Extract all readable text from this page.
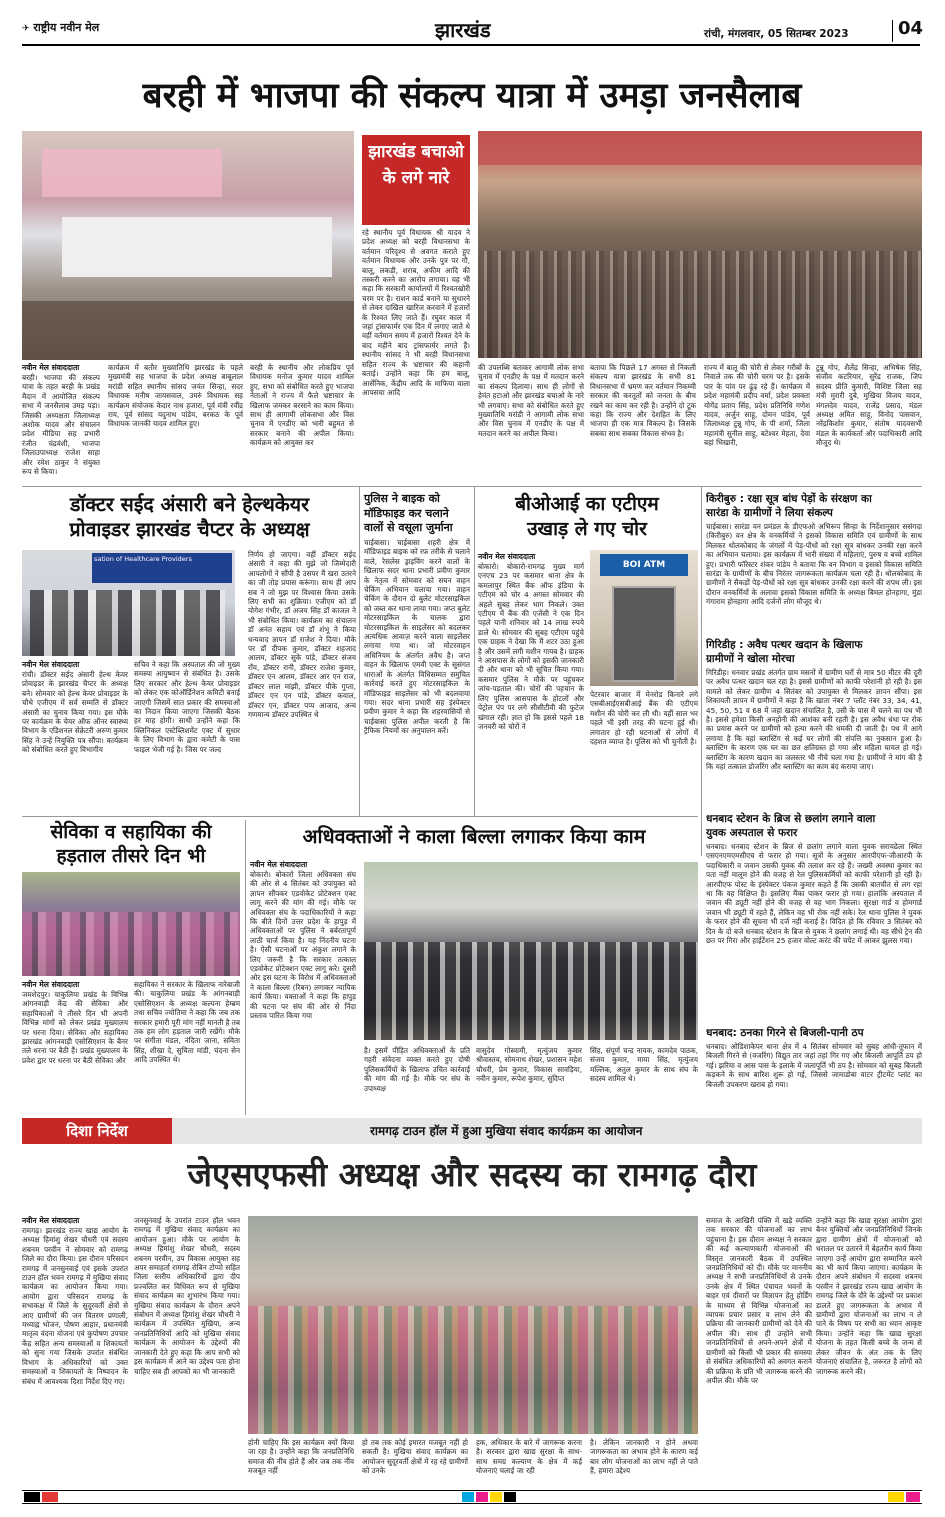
✈ राष्ट्रीय नवीन मेल	झारखंड	रांची, मंगलवार, 05 सितम्बर 2023	04
बरही में भाजपा की संकल्प यात्रा में उमड़ा जनसैलाब
झारखंड बचाओ के लगे नारे
रहे स्थानीय पूर्व विधायक श्री यादव ने प्रदेश अध्यक्ष को बरही विधानसभा के वर्तमान परिदृश्य से अवगत कराते हुए वर्तमान विधायक और उनके पुत्र पर गौ, बालू, लकड़ी, शराब, अफीम आदि की तस्करी करने का आरोप लगाया। यह भी कहा कि सरकारी कार्यालयों में रिश्वतखोरी चरम पर है। राशन कार्ड बनाने या सुधारने से लेकर दाखिल खारिज करवाने में हजारों के रिश्वत लिए जाते हैं। रघुवर काल में जहां ट्रांसफार्मर एक दिन में लगाए जाते थे वहीं वर्तमान समय में हजारों रिश्वत देने के बाद महीने बाद ट्रांसफार्मर लगते हैं। स्थानीय सांसद ने भी बरही विधानसभा सहित राज्य के भ्रष्टाचार की कहानी बताई। उन्होंने कहा कि हम बालू, आर्सेनिक, केंद्रीय आदि के माफिया वाला आपसचा आदि
नवीन मेल संवाददाता
बरही। भाजपा की संकल्प यात्रा के तहत बरही के प्रखंड मैदान में आयोजित संकल्प सभा में जनसैलाब उमड़ पड़ा। जिसकी अध्यक्षता जिलाध्यक्ष अशोक यादव और संचालन प्रदेश मीडिया सह प्रभारी रंजीत चंद्रवंशी, भाजपा जिलाउपाध्यक्ष राजेश साहा और रमेश ठाकुर ने संयुक्त रूप से किया।
कार्यक्रम में बतौर मुख्यातिथि झारखंड के पहले मुख्यमंत्री सह भाजपा के प्रदेश अध्यक्ष बाबूलाल मरांडी सहित स्थानीय सांसद जयंत सिन्हा, सदर विधायक मनीष जायसवाल, उमरुं विधायक सह कार्यक्रम संयोजक केदार नाथ हजारा, पूर्व मंत्री रवींद्र राय, पूर्व सांसद यदुनाथ पांडेय, बरकठ के पूर्व विधायक जानकी यादव शामिल हुए।
बरही के स्थानीय और लोकप्रिय पूर्व विधायक मनोज कुमार यादव शामिल हुए, सभा को संबोधित करते हुए भाजपा नेताओं ने राज्य में फैले भ्रष्टाचार के खिलाफ जमकर बरसाने का काम किया। साथ ही आगामी लोकसभा और विस चुनाव में एनडीए को भारी बहुमत से सरकार बनाने की अपील किया। कार्यक्रम को आयुक्त कर
की उपलब्धि बताकर आगामी लोक सभा चुनाव में एनडीए के पक्ष में मतदान करने का संकल्प दिलाया। साथ ही लोगों से हेमंत हटाओ और झारखंड बचाओ के नारे भी लगवाए। सभा को संबोधित करते हुए मुख्यातिथि मरांडी ने आगामी लोक सभा और विस चुनाव में एनडीए के पक्ष में मतदान करने का अपील किया।
बताया कि पिछले 17 अगस्त से निकली संकल्प यात्रा झारखंड के सभी 81 विधानसभा में भ्रमण कर वर्तमान निकम्मी सरकार की करतूतों को जनता के बीच रखने का काम कर रही है। उन्होंने दो टूक कहा कि राज्य और देशहित के लिए भाजपा ही एक मात्र विकल्प है। जिसके सबका साथ सबका विकास संभव है।
राज्य में बालू की चोरी से लेकर गरीबों के निवाले तक की चोरी चरम पर है। इसके पार के पांव पर ढूंढ़ रहे हैं। कार्यक्रम में प्रदेश महामंत्री प्रदीप वर्मा, प्रदेश प्रवक्ता योगेंद्र प्रताप सिंह, प्रदेश प्रतिनिधि गणेश यादव, अर्जुन साहू, दोमन पांडेय, पूर्व जिलाध्यक्ष टुन्नू गोप, के पी शर्मा, जिला महामंत्री सुनील साहू, बटेश्वर मेहता, देवा बहां भिखारी,
टुन्नू गोप, शैलेंद्र सिन्हा, अभिषेक सिंह, संजीव कटरियार, सुरेंद्र राजक, जिप सदस्य प्रीति कुमारी, विशिष्ट जिला सह मंत्री मुरारी दुबे, मुखिया विजय यादव, मंगलदेव यादव, राजेंद्र प्रसाद, मंडल अध्यक्ष अमित साहू, विनोद पासवान, नरेंद्रकिशोर कुमार, संतोष यादवसभी मंडल के कार्यकर्ता और पदाधिकारी आदि मौजूद थे।
डॉक्टर सईद अंसारी बने हेल्थकेयर
प्रोवाइडर झारखंड चैप्टर के अध्यक्ष
sation of Healthcare Providers
नवीन मेल संवाददाता
रांची। डॉक्टर सईद अंसारी हेल्थ केयर प्रोवाइडर के झारखंड चैप्टर के अध्यक्ष बने। सोमवार को हेल्थ केयर प्रोवाइडर के चौथे एजीएम में सर्व सम्मति से डॉक्टर अंसारी का चुनाव किया गया। इस मौके पर कार्यक्रम के चेयर ऑफ ऑनर स्वास्थ्य विभाग के एडिशनल सेक्रेटरी अरुण कुमार सिंह ने उन्हें नियुक्ति पत्र सौंपा। कार्यक्रम को संबोधित करते हुए विभागीय
सचिव ने कहा कि अस्पताल की जो मुख्य समस्या आयुष्मान से संबंधित है। उसके लिए सरकार और हेल्थ केयर प्रोवाइडर को लेकर एक कोऑर्डिनेशन कमिटी बनाई जाएगी जिसमें सात प्रकार की समस्याओं का निदान किया जाएगा जिसकी बैठक हर माह होगी। साथी उन्होंने कहा कि क्लिनिकल एस्टेब्लिशमेंट एक्ट में सुधार के लिए विभाग के द्वारा कमेटी के पास फाइल भेजी गई है। जिस पर जल्द
निर्णय हो जाएगा। वहीं डॉक्टर सईद अंसारी ने कहा की मुझे जो जिम्मेदारी आपलोगों ने सौंपी है उसपर मैं खरा उतरने का जी तोड़ प्रयास करूंगा। साथ ही आप सब ने जो मुझ पर विश्वास किया उसके लिए सभी का शुक्रिया। एजीएम को डॉ योगेश गंभीर, डॉ अजय सिंह डॉ काजल ने भी संबोधित किया। कार्यक्रम का संचालन डॉ अनंत सहाय एवं डॉ शंभू ने किया धन्यवाद ज्ञापन डॉ राजेश ने दिया। मौके पर डॉ दीपक कुमार, डॉक्टर शहजाद आलम, डॉक्टर सुके पांडे, डॉक्टर संजय राँय, डॉक्टर रानी, डॉक्टर राजेश कुमार, डॉक्टर एन आलम, डॉक्टर आर एन राज, डॉक्टर लाल मांझी, डॉक्टर पीके गुप्ता, डॉक्टर एन एन पांडे, डॉक्टर कयाल, डॉक्टर एन, डॉक्टर पप्प आजाद, अन्य गणमान्य डॉक्टर उपस्थित थे
पुलिस ने बाइक को मॉडिफाइड कर चलाने वालों से वसूला जुर्माना
चाईबासा। चाईबासा शहरी क्षेत्र में मॉडिफाइड बाइक को रफ़ तरीके से चलाने वाले, रेसलेस ड्राइविंग करने वालों के खिलाफ सदर थाना प्रभारी प्रवीण कुमार के नेतृत्व में सोमवार को सघन वाहन चेकिंग अभियान चलाया गया। वाहन चेकिंग के दौरान दो बुलेट मोटरसाइकिल को जब्त कर थाना लाया गया। जप्त बुलेट मोटरसाइकिल के चालक द्वारा मोटरसाइकिल के साइलेंसर को बदलकर अत्यधिक आवाज़ करने वाला साइलेंसर लगाया गया था। जो मोटरवाहन अधिनियम के अंतर्गत अवैध है। जप्त वाहन के खिलाफ एमवी एक्ट के सुसंगत धाराओं के अंतर्गत विधिसम्मत समुचित कार्रवाई करते हुए मोटरसाइकिल के मॉडिफाइड साइलेंसर को भी बदलवाया गया। सदर थाना प्रभारी सह इंस्पेक्टर प्रवीण कुमार ने कहा कि शहरवासियों से चाईबासा पुलिस अपील करती है कि ट्रैफिक नियमों का अनुपालन करें।
बीओआई का एटीएम
उखाड़ ले गए चोर
नवीन मेल संवाददाता
बोकारो। बोकारो-रामगढ़ मुख्य मार्ग एनएच 23 पर कसमार थाना क्षेत्र के कमलापुर स्थित बैंक ऑफ इंडिया के एटीएम को चोर 4 अगस्त सोमवार की अहले सुबह लेकर भाग निकले। उक्त एटीएम में बैंक की एजेंसी ने एक दिन पहले यानी शनिवार को 14 लाख रुपये डाले थे। सोमवार की सुबह एटीएम पहुंचे एक ग्राहक ने देखा कि मैं शटर उठा हुआ है और उसमें लगी मशीन गायब है। ग्राहक ने आसपास के लोगों को इसकी जानकारी दी और थाना को भी सूचित किया गया। कसमार पुलिस ने मौके पर पहुंचकर जांच-पड़ताल की। चोरों की पहचान के लिए पुलिस आसपास के होटलों और पेट्रोल पंप पर लगे सीसीटीवी की फुटेज खंगाल रही। ज्ञात हो कि इससे पहले 18 जनवरी को चोरों ने
BOI ATM
पेटरवार बाजार में मेनरोड किनारे लगे एसबीआईएसबीआई बैंक की एटीएम मशीन की चोरी कर ली थी। वहीं साल भर पहले भी इसी तरह की घटना हुई थी। लगातार हो रही घटनाओं से लोगों में दहशत व्याप्त है। पुलिस को भी चुनौती है।
किरीबुरु : रक्षा सूत्र बांध पेड़ों के संरक्षण का
सारंडा के ग्रामीणों ने लिया संकल्प
चाईबासा। सारंडा वन प्रमंडल के डीएफओ अभिरूप सिन्हा के निर्देशानुसार ससंगदा (किरीबुरु) वन क्षेत्र के वनकर्मियों ने इसको विकास समिति एवं ग्रामीणों के साथ मिलकर थोलकोबाद के जंगलों में पेड़-पौधों को रक्षा सूत्र बांधकर उनकी रक्षा करने का अभियान चलाया। इस कार्यक्रम में भारी संख्या में महिलाएं, पुरुष व बच्चे शामिल हुए। प्रभारी फॉरेस्टर शंकर पांडेय ने बताया कि वन विभाग व इसको विकास समिति सारंडा के ग्रामीणों के बीच निरंतर जागरूकता कार्यक्रम चला रही है। थोलकोबाद के ग्रामीणों ने सैकड़ों पेड़-पौधों को रक्षा सूत्र बांधकर उनकी रक्षा करने की शपथ ली। इस दौरान वनकर्मियों के अलावा इसको विकास समिति के अध्यक्ष बिमल होनहागा, मुंडा गंगाराम होनहागा आदि दर्जनों लोग मौजूद थे।
गिरिडीह : अवैध पत्थर खदान के खिलाफ
ग्रामीणों ने खोला मोरचा
गिरिडीह। धनवार प्रखंड अंतर्गत ग्राम मसनों में ग्रामीण घरों से मात्र 50 मीटर की दूरी पर अवैध पत्थर खदान चल रहा है। इससे ग्रामीणों को काफी परेशानी हो रही है। इस मामले को लेकर ग्रामीण 4 सितंबर को उपायुक्त से मिलकर ज्ञापन सौंपा। इस शिकायती ज्ञापन में ग्रामीणों ने कहा है कि खाता नंबर 7 प्लॉट नंबर 33, 34, 41, 45, 50, 51 व 68 में जहां खदान संचालित है, उसी के पास में चलने का पथ भी है। इससे हमेशा किसी अनहोनी की आशंका बनी रहती है। इस अवैध धंधा पर रोक का प्रयास करने पर ग्रामीणों को हत्या करने की धमकी दी जाती है। पथ में आगे लगाया है कि वहां ब्लास्टिंग से कई घर लोगों की संपत्ति का नुकसान हुआ है। ब्लास्टिंग के कारण एक घर का छत क्षतिग्रस्त हो गया और महिला घायल हो गई। ब्लास्टिंग के कारण खदान का जलस्तर भी नीचे चला गया है। ग्रामीणों ने मांग की है कि यहां तत्काल डोजरिंग और ब्लास्टिंग का काम बंद कराया जाए।
धनबाद स्टेशन के ब्रिज से छलांग लगाने वाला
युवक अस्पताल से फरार
धनबाद। धनबाद स्टेशन के ब्रिज से छलांग लगाने वाला युवक सरायढेला स्थित एसएनएमएमसीएच से फरार हो गया। सूत्रों के अनुसार आरपीएफ-जीआरपी के पदाधिकारी व जवान उसकी युवक की तलाश कर रहे हैं। जख्मी अवस्था कुमार का पता नहीं मालूम होने की वजह से रेल पुलिसकर्मियों को काफी परेशानी हो रही है। आरपीएफ पोस्ट के इंस्पेक्टर पंकज कुमार कहते हैं कि उसकी बातचीत से लग रहा था कि वह विक्षिप्त है। इसलिए मैंका पाकर फरार हो गया। हालांकि अस्पताल में जवान की ड्यूटी नहीं होने की वजह से वह भाग निकला। सुरक्षा गार्ड व होमगार्ड जवान भी ड्यूटी में रहते हैं, लेकिन वह भी रोक नहीं सके। रेल थाना पुलिस ने युवक के फरार होने की सूचना भी दर्ज नहीं कराई है। विदित हो कि रविवार 3 सितंबर को दिन के दो बजे धनबाद स्टेशन के ब्रिज से युवक ने छलांग लगाई थी। वह सीधे ट्रेन की छत पर गिरा और हाईटेंशन 25 हजार वोल्ट करंट की चपेट में आकर झुलस गया।
धनबाद: ठनका गिरने से बिजली-पानी ठप
धनबाद। ओडिशाकेपर थाना क्षेत्र में 4 सितंबर सोमवार को सुबह आंधी-तूफान में बिजली गिरने से (वजरिंग) विद्युत तार जहां तहां गिर गए और बिजली आपूर्ति ठप हो गई। झरिया व आस पास के इलाके में जलापूर्ति भी ठप है। सोमवार को सुबह बिजली कड़कने के साथ बारिश शुरू हो गई, जिससे जामाडोबा वाटर ट्रीटमेंट प्लांट का बिजली उपकरण खराब हो गया।
सेविका व सहायिका की
हड़ताल तीसरे दिन भी
नवीन मेल संवाददाता
जमशेदपुर। चाकुलिया प्रखंड के विभिन्न आंगनवाड़ी केंद्र की सेविका और सहायिकाओं ने तीसरे दिन भी अपनी विभिन्न मांगों को लेकर प्रखंड मुख्यालय पर धरना दिया। सेविका और सहायिका झारखंड आंगनवाड़ी एसोसिएशन के बैनर तले धरना पर बैठी हैं। प्रखंड मुख्यालय के प्रवेश द्वार पर धरना पर बैठी सेविका और
सहायिका ने सरकार के खिलाफ नारेबाजी की। चाकुलिया प्रखंड के आंगनबाड़ी एसोसिएशन के अध्यक्ष कल्पना हेम्ब्रम तथा सचिव ज्योतिमा ने कहा कि जब तक सरकार हमारी पूरी मांग नहीं मानती है तब तक हम लोग हड़ताल जारी रखेंगे। मौके पर संगीता मंडल, नंदिता जाना, सविता सिंह, शीखा दे, सुचिता मांडी, चंदना सेन आदि उपस्थित थे।
अधिवक्ताओं ने काला बिल्ला लगाकर किया काम
नवीन मेल संवाददाता
बोकारो। बोकारो जिला अधिवक्ता संघ की ओर से 4 सितंबर को उपायुक्त को ज्ञापन सौंपकर एडवोकेट प्रोटेक्शन एक्ट लागू करने की मांग की गई। मौके पर अधिवक्ता संघ के पदाधिकारियों ने कहा कि बीते दिनों उत्तर प्रदेश के हापुड़ में अधिवक्ताओं पर पुलिस ने बर्बरतापूर्ण लाठी चार्ज किया है। यह निंदनीय घटना है। ऐसी घटनाओं पर अंकुश लगाने के लिए जरूरी है कि सरकार तत्काल एडवोकेट प्रोटेक्शन एक्ट लागू करे। दूसरी ओर इस घटना के विरोध में अधिवक्ताओं ने काला बिल्ला (रिबन) लगाकर न्यायिक कार्य किया। वक्ताओं ने कहा कि हापुड़ की घटना पर संघ की ओर से निंदा प्रस्ताव पारित किया गया
है। इसमें पीड़ित अधिवक्ताओं के प्रति गहरी संवेदना व्यक्त करते हुए दोषी पुलिसकर्मियों के खिलाफ उचित कार्रवाई की मांग की गई है। मौके पर संघ के उपाध्यक्ष
वासुदेव गोस्वामी, मृत्युंजय कुमार श्रीवास्तव, सोमनाथ शेखर, प्रशासन महेश चौधरी, प्रेम कुमार, विकास सावड़िया, नवीन कुमार, रूपेश कुमार, सुदिप्त
सिंह, संपूर्ण चन्द्र नायक, कामदेव पाठक, संजय कुमार, माया सिंह, मृत्युंजय मल्लिक, अतुल कुमार के साथ संघ के सदस्य शामिल थे।
दिशा निर्देश	रामगढ़ टाउन हॉल में हुआ मुखिया संवाद कार्यक्रम का आयोजन
जेएसएफसी अध्यक्ष और सदस्य का रामगढ़ दौरा
नवीन मेल संवाददाता
रामगढ़। झारखंड राज्य खाद्य आयोग के अध्यक्ष हिमांशु शेखर चौधरी एवं सदस्य शबनम परवीन ने सोमवार को रामगढ़ जिले का दौरा किया। इस दौरान परिसदन रामगढ़ में जनसुनवाई एवं इसके उपरांत टाउन हॉल भवन रामगढ़ में मुखिया संवाद कार्यक्रम का आयोजन किया गया। आयोग द्वारा परिसदन रामगढ़ के सभाकक्ष में जिले के सुदूरवर्ती क्षेत्रों से आए ग्रामीणों की जन वितरण प्रणाली, मध्याह्न भोजन, पोषण आहार, प्रधानमंत्री मातृत्व वंदना योजना एवं कुपोषण उपचार केंद्र सहित अन्य समस्याओं व शिकायतों को सुना गया जिसके उपरांत संबंधित विभाग के अधिकारियों को उक्त समस्याओं व शिकायतों के निष्पादन के संबंध में आवश्यक दिशा निर्देश दिए गए।
जनसुनवाई के उपरांत टाउन हॉल भवन रामगढ़ में मुखिया संवाद कार्यक्रम का आयोजन हुआ। मौके पर आयोग के अध्यक्ष हिमांशु शेखर चौधरी, सदस्य शबनम परवीन, उप विकास आयुक्त सह अपर समाहर्ता रामगढ़ रोबिन टोप्पो सहित जिला स्तरीय अधिकारियों द्वारा दीप प्रज्वलित कर विधिवत रूप से मुखिया संवाद कार्यक्रम का शुभारंभ किया गया। मुखिया संवाद कार्यक्रम के दौरान अपने संबोधन में अध्यक्ष हिमांशु शेखर चौधरी ने कार्यक्रम में उपस्थित मुखिया, अन्य जनप्रतिनिधियों आदि को मुखिया संवाद कार्यक्रम के आयोजन के उद्देश्यों की जानकारी देते हुए कहा कि आप सभी को इस कार्यक्रम में आने का उद्देश्य पता होना चाहिए सब ही आपको का भी जानकारी
होनी चाहिए कि इस कार्यक्रम क्यों किया जा रहा है। उन्होंने कहा कि जनप्रतिनिधि समाज की नींव होते हैं और जब तक नींव मजबूत नहीं
हो तब तक कोई इमारत मजबूत नहीं हो सकती है। मुखिया संवाद कार्यक्रम का आयोजन सुदूरवर्ती क्षेत्रों में रह रहे ग्रामीणों को उनके
हक, अधिकार के बारे में जागरूक करना है। सरकार द्वारा खाद्य सुरक्षा के साथ-साथ समग्र कल्याण के क्षेत्र में कई योजनाएं चलाई जा रही
है। लेकिन जानकारी न होने अथवा जागरूकता का अभाव होने के कारण कई बार लोग योजनाओं का लाभ नहीं ले पाते हैं, हमारा उद्देश्य
समाज के आखिरी पंक्ति में खड़े व्यक्ति तक सरकार की योजनाओं का लाभ पहुंचाना है। इस दौरान अध्यक्ष ने सरकार की कई कल्याणकारी योजनाओं की विस्तृत जानकारी बैठक में उपस्थित जनप्रतिनिधियों को दी। मौके पर माननीय अध्यक्ष ने सभी जनप्रतिनिधियों से उनके उनके क्षेत्र में स्थित पंचायत भवनों के बाहर एवं दीवारों पर विज्ञापन हेतु होर्डिंग के माध्यम से विभिन्न योजनाओं का व्यापक प्रचार प्रसार व लाभ लेने की प्रक्रिया की जानकारी ग्रामीणों को देने की अपील की। साथ ही उन्होंने सभी जनप्रतिनिधियों से अपने-अपने क्षेत्रों में ग्रामीणों को किसी भी प्रकार की समस्या से संबंधित अधिकारियों को अवगत कराने की प्रक्रिया के प्रति भी जागरूक करने की अपील की। मौके पर
उन्होंने कहा कि खाद्य सुरक्षा आयोग द्वारा बैनर युक्तियों और जनप्रतिनिधियों जिनके द्वारा ग्रामीण क्षेत्रों में योजनाओं को धरातल पर उतारने में बेहतरीन कार्य किया जाएगा उन्हें आयोग द्वारा सम्मानित करने का भी कार्य किया जाएगा। कार्यक्रम के दौरान अपने संबोधन में सदस्या शबनम परवीन ने झारखंड राज्य खाद्य आयोग के रामगढ़ जिले के दौरे के उद्देश्यों पर प्रकाश डालते हुए जागरूकता के अभाव में ग्रामीणों द्वारा योजनाओं का लाभ न ले पाने के विषय पर सभी का ध्यान आकृष्ट किया। उन्होंने कहा कि खाद्य सुरक्षा योजना के तहत किसी बच्चे के जन्म से लेकर जीवन के अंत तक के लिए योजनाएं संचालित है, जरूरत है लोगों को जागरूक करने की।
